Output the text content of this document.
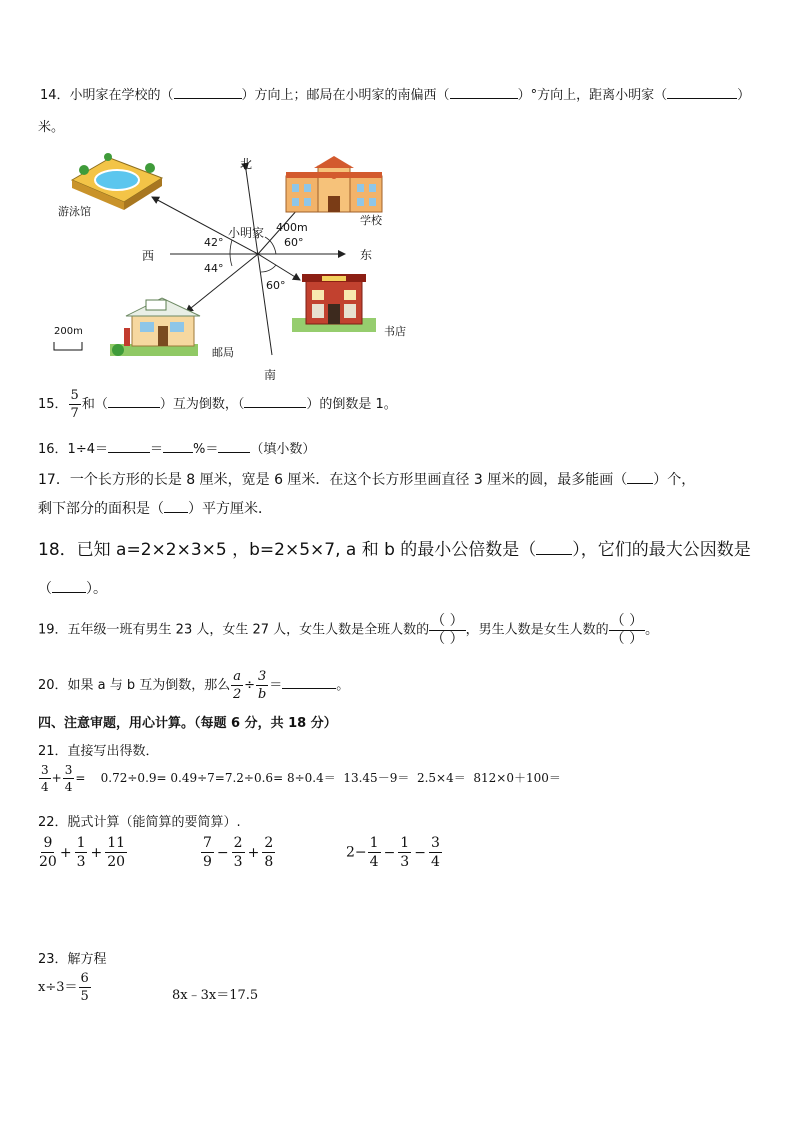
14．小明家在学校的（	）方向上；邮局在小明家的南偏西（	）°方向上，距离小明家（	）
米。
北
南
东
西
小明家
游泳馆
学校
邮局
书店
400m
60°
60°
42°
44°
200m
15． $\frac{5}{7}$ 和（	）互为倒数，（	）的倒数是 1。
16．1÷4＝	＝ %＝ （填小数）
17．一个长方形的长是 8 厘米，宽是 6 厘米．在这个长方形里画直径 3 厘米的圆，最多能画（ ）个，
剩下部分的面积是（ ）平方厘米．
18．已知 a=2×2×3×5 ，b=2×5×7, a 和 b 的最小公倍数是（ ），它们的最大公因数是
（ ）。
19．五年级一班有男生 23 人，女生 27 人，女生人数是全班人数的 $\frac{( )}{( )}$ ，男生人数是女生人数的 $\frac{( )}{( )}$ 。
20．如果 a 与 b 互为倒数，那么 $\frac{a}{2} \div \frac{3}{b}$ ＝	。
四、注意审题，用心计算。（每题 6 分，共 18 分）
21．直接写出得数．
$\frac{3}{4} + \frac{3}{4}$ =    0.72÷0.9= 0.49÷7=7.2÷0.6= 8÷0.4＝  13.45－9＝  2.5×4＝  812×0＋100＝
22．脱式计算（能简算的要简算）.
$\frac{9}{20} + \frac{1}{3} + \frac{11}{20}$	$\frac{7}{9} - \frac{2}{3} + \frac{2}{8}$	$2- \frac{1}{4} - \frac{1}{3} - \frac{3}{4}$
23．解方程
$x\div 3= \frac{6}{5}$	8x﹣3x＝17.5
